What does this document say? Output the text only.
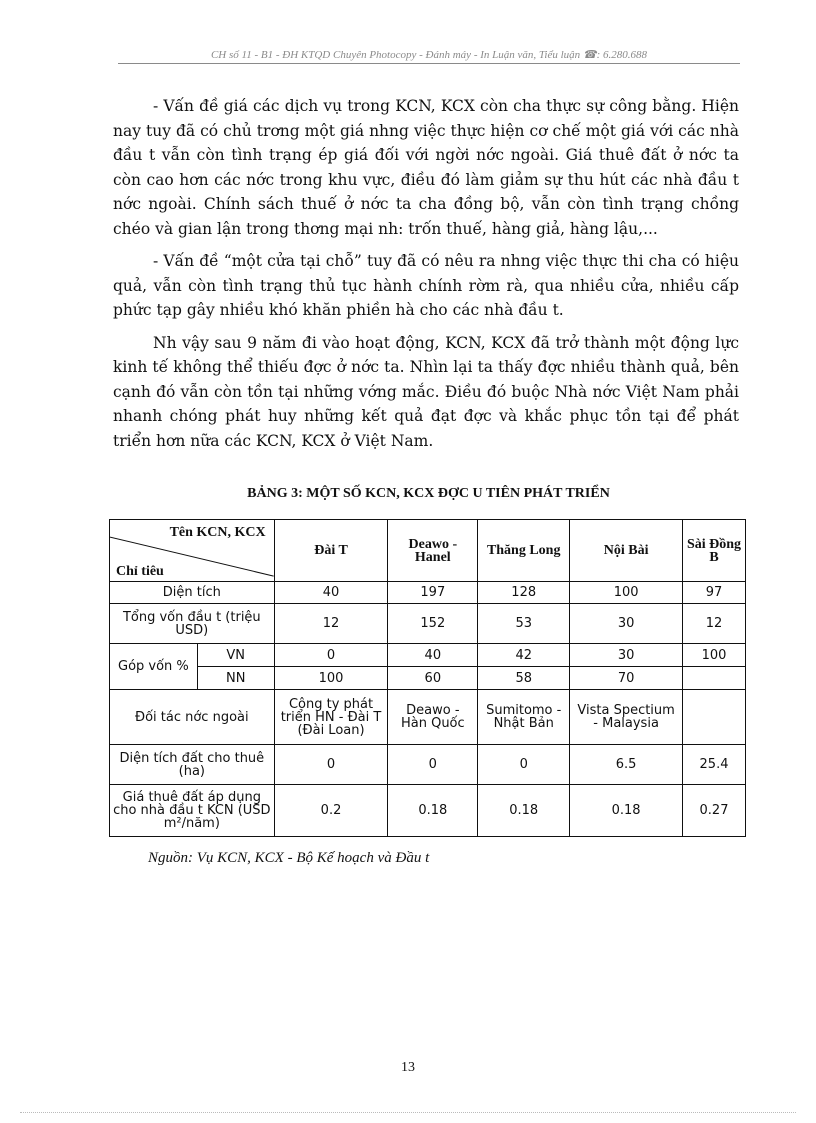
CH số 11 - B1 - ĐH KTQD Chuyên Photocopy - Đánh máy - In Luận văn, Tiểu luận ☎: 6.280.688

- Vấn đề giá các dịch vụ trong KCN, KCX còn cha thực sự công bằng. Hiện nay tuy đã có chủ trơng một giá nhng việc thực hiện cơ chế một giá với các nhà đầu t vẫn còn tình trạng ép giá đối với ngời nớc ngoài. Giá thuê đất ở nớc ta còn cao hơn các nớc trong khu vực, điều đó làm giảm sự thu hút các nhà đầu t nớc ngoài. Chính sách thuế ở nớc ta cha đồng bộ, vẫn còn tình trạng chồng chéo và gian lận trong thơng mại nh: trốn thuế, hàng giả, hàng lậu,...

- Vấn đề “một cửa tại chỗ” tuy đã có nêu ra nhng việc thực thi cha có hiệu quả, vẫn còn tình trạng thủ tục hành chính rờm rà, qua nhiều cửa, nhiều cấp phức tạp gây nhiều khó khăn phiền hà cho các nhà đầu t.

Nh vậy sau 9 năm đi vào hoạt động, KCN, KCX đã trở thành một động lực kinh tế không thể thiếu đợc ở nớc ta. Nhìn lại ta thấy đợc nhiều thành quả, bên cạnh đó vẫn còn tồn tại những vớng mắc. Điều đó buộc Nhà nớc Việt Nam phải nhanh chóng phát huy những kết quả đạt đợc và khắc phục tồn tại để phát triển hơn nữa các KCN, KCX ở Việt Nam.

BẢNG 3: MỘT SỐ KCN, KCX ĐỢC U TIÊN PHÁT TRIỂN
Tên KCN, KCX
Chỉ tiêu		Đài T	Deawo - Hanel	Thăng Long	Nội Bài	Sài Đồng B
Diện tích		40	197	128	100	97
Tổng vốn đầu t (triệu USD)		12	152	53	30	12
Góp vốn %	VN	0	40	42	30	100
	NN	100	60	58	70	
Đối tác nớc ngoài		Công ty phát triển HN - Đài T (Đài Loan)	Deawo - Hàn Quốc	Sumitomo - Nhật Bản	Vista Spectium - Malaysia	
Diện tích đất cho thuê (ha)		0	0	0	6.5	25.4
Giá thuê đất áp dụng cho nhà đầu t KCN (USD m²/năm)		0.2	0.18	0.18	0.18	0.27
Nguồn: Vụ KCN, KCX - Bộ Kế hoạch và Đầu t
13
